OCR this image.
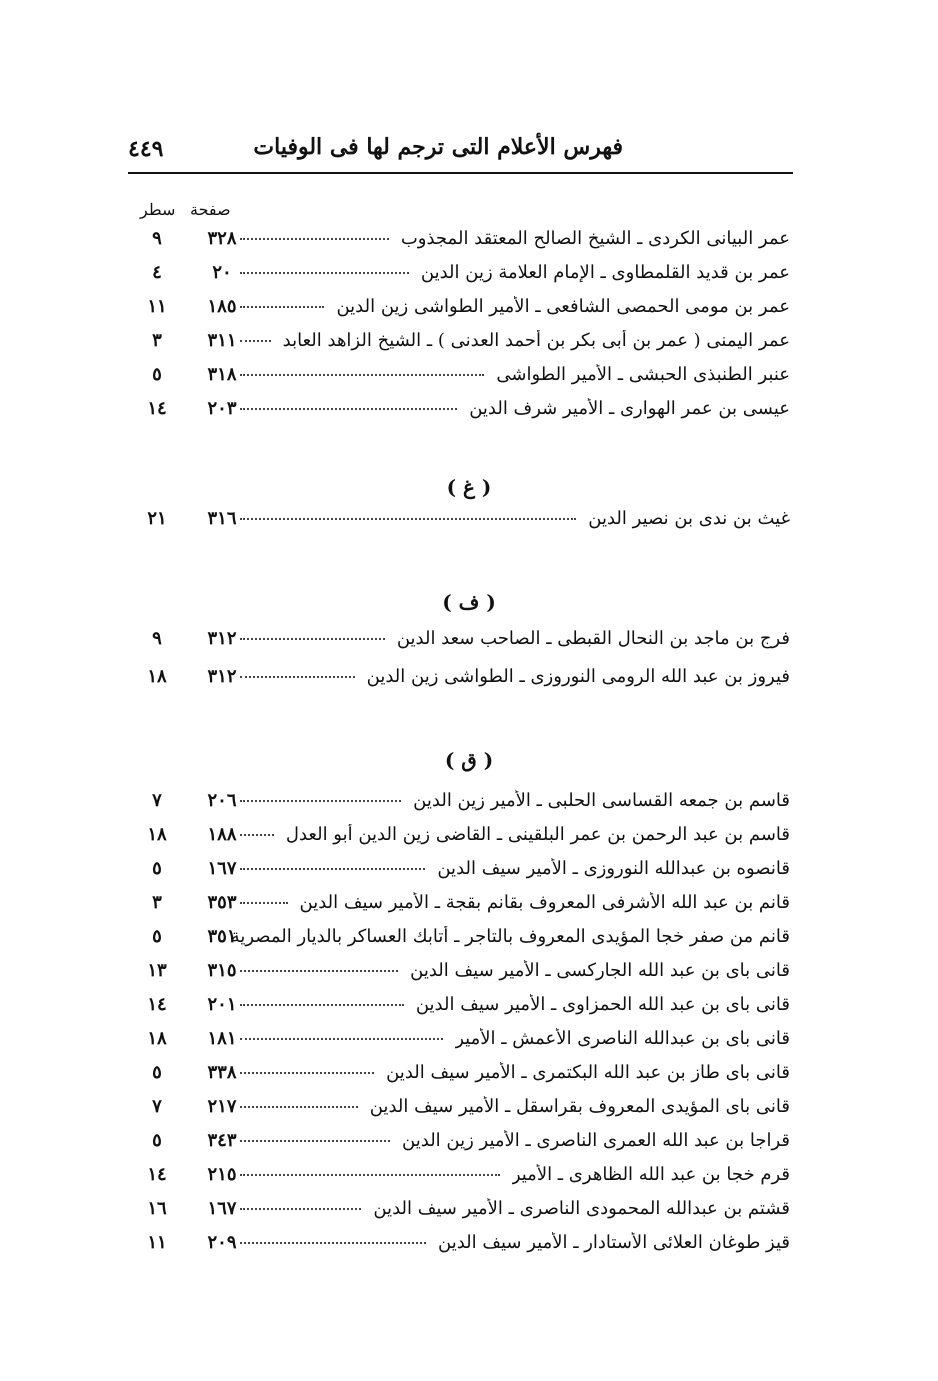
٤٤٩	فهرس الأعلام التى ترجم لها فى الوفيات
صفحة
سطر
عمر البيانى الكردى ـ الشيخ الصالح المعتقد المجذوب
٣٢٨
٩
عمر بن قديد القلمطاوى ـ الإمام العلامة زين الدين
٢٠
٤
عمر بن مومى الحمصى الشافعى ـ الأمير الطواشى زين الدين
١٨٥
١١
عمر اليمنى ( عمر بن أبى بكر بن أحمد العدنى ) ـ الشيخ الزاهد العابد
٣١١
٣
عنبر الطنبذى الحبشى ـ الأمير الطواشى
٣١٨
٥
عيسى بن عمر الهوارى ـ الأمير شرف الدين
٢٠٣
١٤
( غ )
غيث بن ندى بن نصير الدين
٣١٦
٢١
( ف )
فرج بن ماجد بن النحال القبطى ـ الصاحب سعد الدين
٣١٢
٩
فيروز بن عبد الله الرومى النوروزى ـ الطواشى زين الدين
٣١٢
١٨
( ق )
قاسم بن جمعه القساسى الحلبى ـ الأمير زين الدين
٢٠٦
٧
قاسم بن عبد الرحمن بن عمر البلقينى ـ القاضى زين الدين أبو العدل
١٨٨
١٨
قانصوه بن عبدالله النوروزى ـ الأمير سيف الدين
١٦٧
٥
قانم بن عبد الله الأشرفى المعروف بقانم بقجة ـ الأمير سيف الدين
٣٥٣
٣
قانم من صفر خجا المؤيدى المعروف بالتاجر ـ أتابك العساكر بالديار المصرية
٣٥١
٥
قانى باى بن عبد الله الجاركسى ـ الأمير سيف الدين
٣١٥
١٣
قانى باى بن عبد الله الحمزاوى ـ الأمير سيف الدين
٢٠١
١٤
قانى باى بن عبدالله الناصرى الأعمش ـ الأمير
١٨١
١٨
قانى باى طاز بن عبد الله البكتمرى ـ الأمير سيف الدين
٣٣٨
٥
قانى باى المؤيدى المعروف بقراسقل ـ الأمير سيف الدين
٢١٧
٧
قراجا بن عبد الله العمرى الناصرى ـ الأمير زين الدين
٣٤٣
٥
قرم خجا بن عبد الله الظاهرى ـ الأمير
٢١٥
١٤
قشتم بن عبدالله المحمودى الناصرى ـ الأمير سيف الدين
١٦٧
١٦
قيز طوغان العلائى الأستادار ـ الأمير سيف الدين
٢٠٩
١١
